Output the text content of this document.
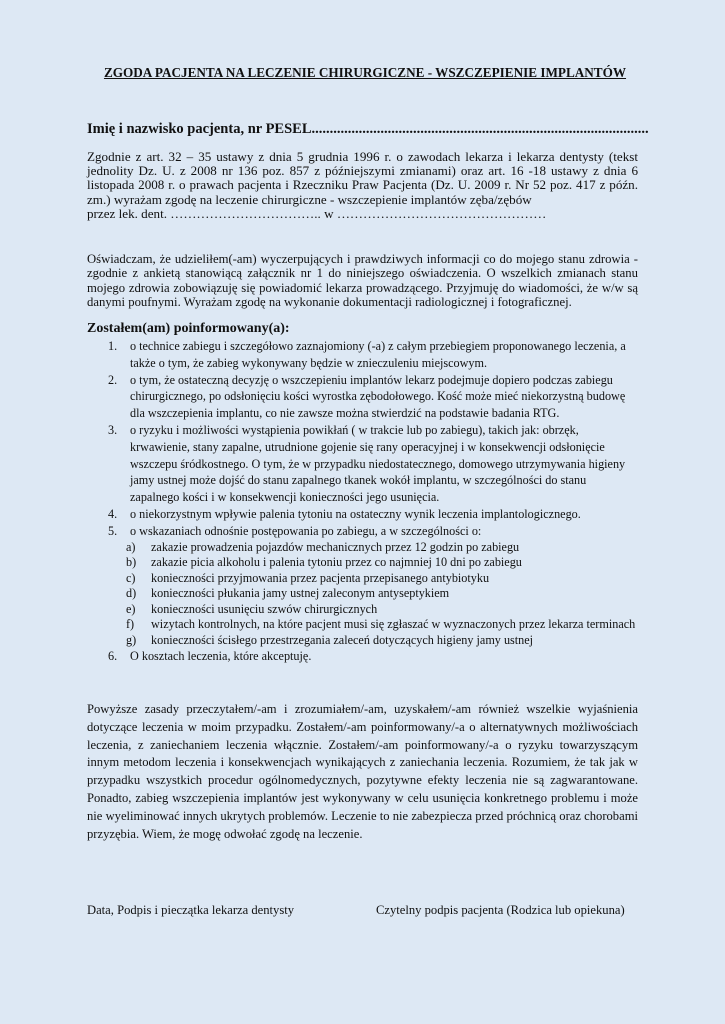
ZGODA PACJENTA NA LECZENIE CHIRURGICZNE - WSZCZEPIENIE IMPLANTÓW
Imię i nazwisko pacjenta, nr PESEL.............................................................................................

Zgodnie z art. 32 – 35 ustawy z dnia 5 grudnia 1996 r. o zawodach lekarza i lekarza dentysty (tekst jednolity Dz. U. z 2008 nr 136 poz. 857 z późniejszymi zmianami) oraz art. 16 -18 ustawy z dnia 6 listopada 2008 r. o prawach pacjenta i Rzeczniku Praw Pacjenta (Dz. U. 2009 r. Nr 52 poz. 417 z późn. zm.) wyrażam zgodę na leczenie chirurgiczne - wszczepienie implantów zęba/zębów

przez lek. dent. …………………………….. w …………………………………………

Oświadczam, że udzieliłem(-am) wyczerpujących i prawdziwych informacji co do mojego stanu zdrowia - zgodnie z ankietą stanowiącą załącznik nr 1 do niniejszego oświadczenia. O wszelkich zmianach stanu mojego zdrowia zobowiązuję się powiadomić lekarza prowadzącego. Przyjmuję do wiadomości, że w/w są danymi poufnymi. Wyrażam zgodę na wykonanie dokumentacji radiologicznej i fotograficznej.

Zostałem(am) poinformowany(a):
1. o technice zabiegu i szczegółowo zaznajomiony (-a) z całym przebiegiem proponowanego leczenia, a także o tym, że zabieg wykonywany będzie w znieczuleniu miejscowym.
2. o tym, że ostateczną decyzję o wszczepieniu implantów lekarz podejmuje dopiero podczas zabiegu chirurgicznego, po odsłonięciu kości wyrostka zębodołowego. Kość może mieć niekorzystną budowę dla wszczepienia implantu, co nie zawsze można stwierdzić na podstawie badania RTG.
3. o ryzyku i możliwości wystąpienia powikłań ( w trakcie lub po zabiegu), takich jak: obrzęk, krwawienie, stany zapalne, utrudnione gojenie się rany operacyjnej i w konsekwencji odsłonięcie wszczepu śródkostnego. O tym, że w przypadku niedostatecznego, domowego utrzymywania higieny jamy ustnej może dojść do stanu zapalnego tkanek wokół implantu, w szczególności do stanu zapalnego kości i w konsekwencji konieczności jego usunięcia.
4. o niekorzystnym wpływie palenia tytoniu na ostateczny wynik leczenia implantologicznego.
5. o wskazaniach odnośnie postępowania po zabiegu, a w szczególności o:
a) zakazie prowadzenia pojazdów mechanicznych przez 12 godzin po zabiegu
b) zakazie picia alkoholu i palenia tytoniu przez co najmniej 10 dni po zabiegu
c) konieczności przyjmowania przez pacjenta przepisanego antybiotyku
d) konieczności płukania jamy ustnej zaleconym antyseptykiem
e) konieczności usunięciu szwów chirurgicznych
f) wizytach kontrolnych, na które pacjent musi się zgłaszać w wyznaczonych przez lekarza terminach
g) konieczności ścisłego przestrzegania zaleceń dotyczących higieny jamy ustnej
6. O kosztach leczenia, które akceptuję.

Powyższe zasady przeczytałem/-am i zrozumiałem/-am, uzyskałem/-am również wszelkie wyjaśnienia dotyczące leczenia w moim przypadku. Zostałem/-am poinformowany/-a o alternatywnych możliwościach leczenia, z zaniechaniem leczenia włącznie. Zostałem/-am poinformowany/-a o ryzyku towarzyszącym innym metodom leczenia i konsekwencjach wynikających z zaniechania leczenia. Rozumiem, że tak jak w przypadku wszystkich procedur ogólnomedycznych, pozytywne efekty leczenia nie są zagwarantowane. Ponadto, zabieg wszczepienia implantów jest wykonywany w celu usunięcia konkretnego problemu i może nie wyeliminować innych ukrytych problemów. Leczenie to nie zabezpiecza przed próchnicą oraz chorobami przyzębia. Wiem, że mogę odwołać zgodę na leczenie.

Data, Podpis i pieczątka lekarza dentysty	Czytelny podpis pacjenta (Rodzica lub opiekuna)
